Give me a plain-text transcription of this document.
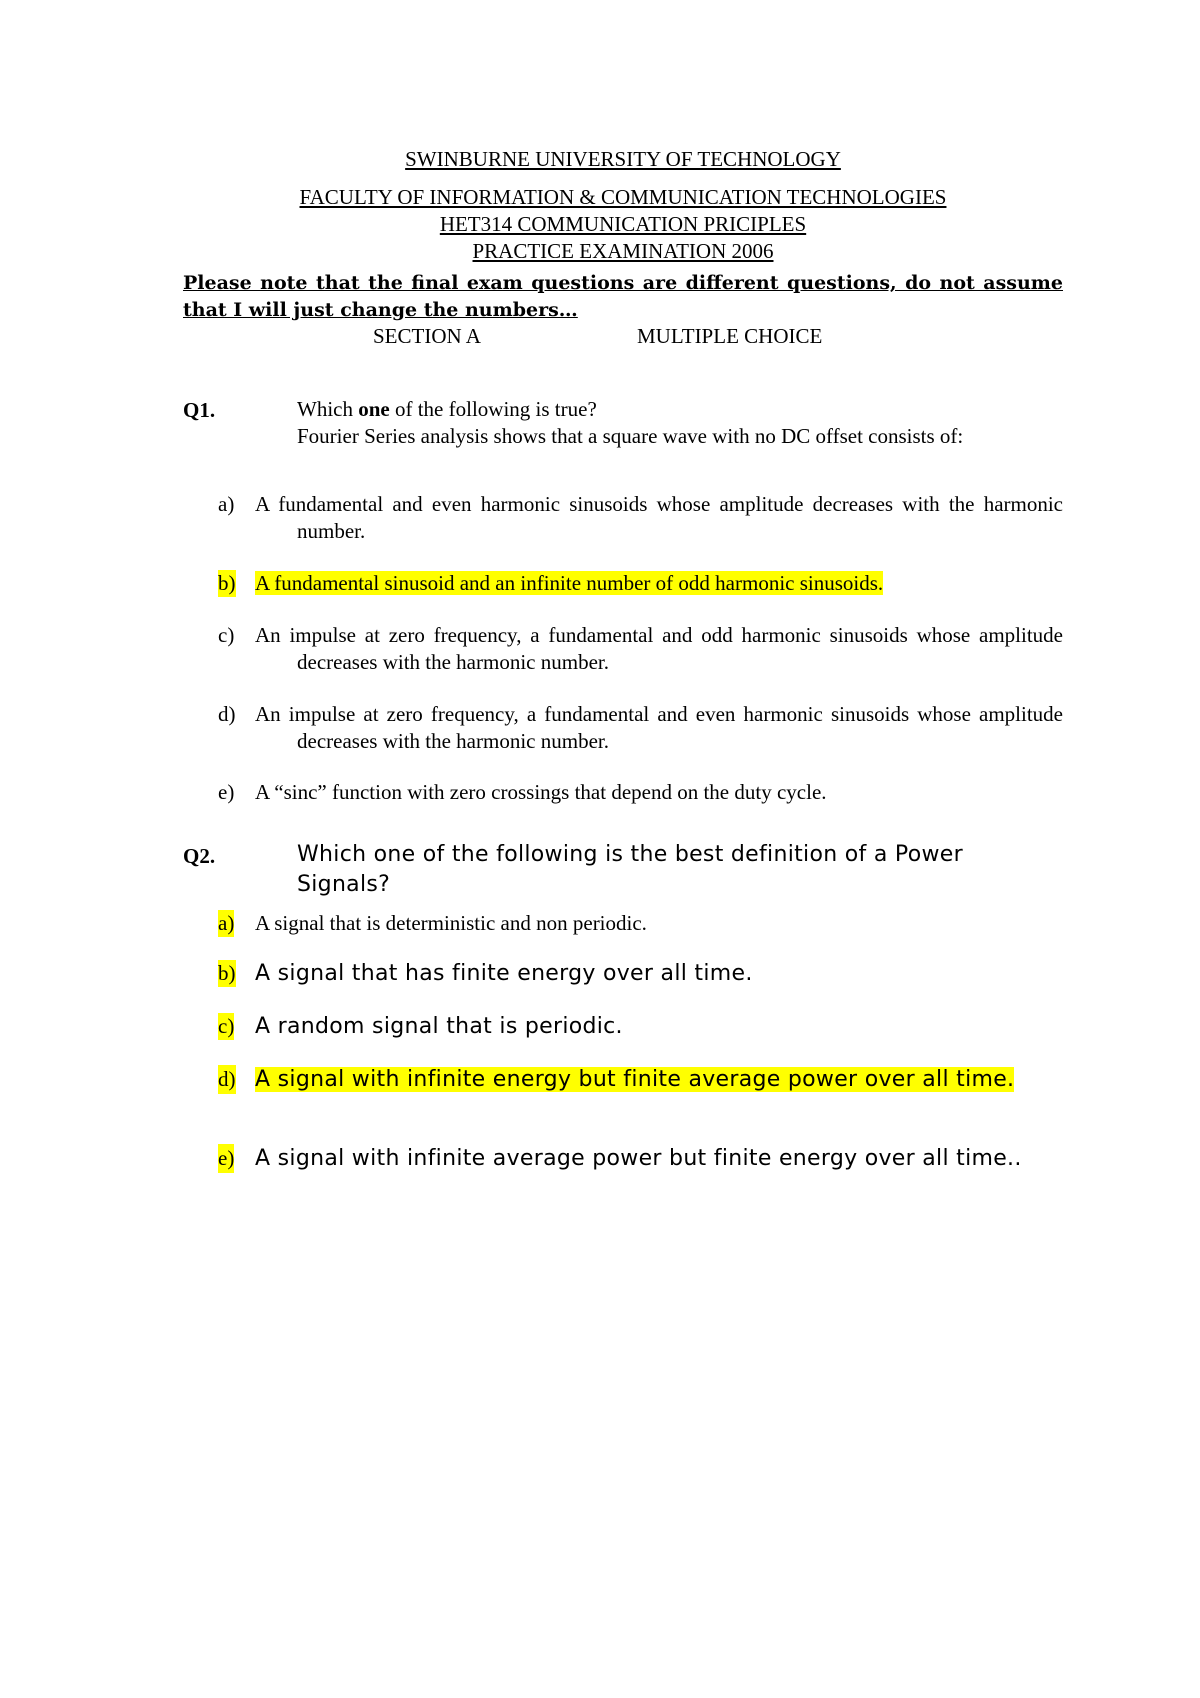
SWINBURNE UNIVERSITY OF TECHNOLOGY
FACULTY OF INFORMATION & COMMUNICATION TECHNOLOGIES
HET314 COMMUNICATION PRICIPLES
PRACTICE EXAMINATION 2006
Please note that the final exam questions are different questions, do not assume that I will just change the numbers…
SECTION A	MULTIPLE CHOICE
Q1.	Which one of the following is true?
Fourier Series analysis shows that a square wave with no DC offset consists of:
a) A fundamental and even harmonic sinusoids whose amplitude decreases with the harmonic number.
b) A fundamental sinusoid and an infinite number of odd harmonic sinusoids.
c) An impulse at zero frequency, a fundamental and odd harmonic sinusoids whose amplitude decreases with the harmonic number.
d) An impulse at zero frequency, a fundamental and even harmonic sinusoids whose amplitude decreases with the harmonic number.
e) A “sinc” function with zero crossings that depend on the duty cycle.
Q2.	Which one of the following is the best definition of a Power Signals?
a) A signal that is deterministic and non periodic.
b) A signal that has finite energy over all time.
c) A random signal that is periodic.
d) A signal with infinite energy but finite average power over all time.
e) A signal with infinite average power but finite energy over all time..
